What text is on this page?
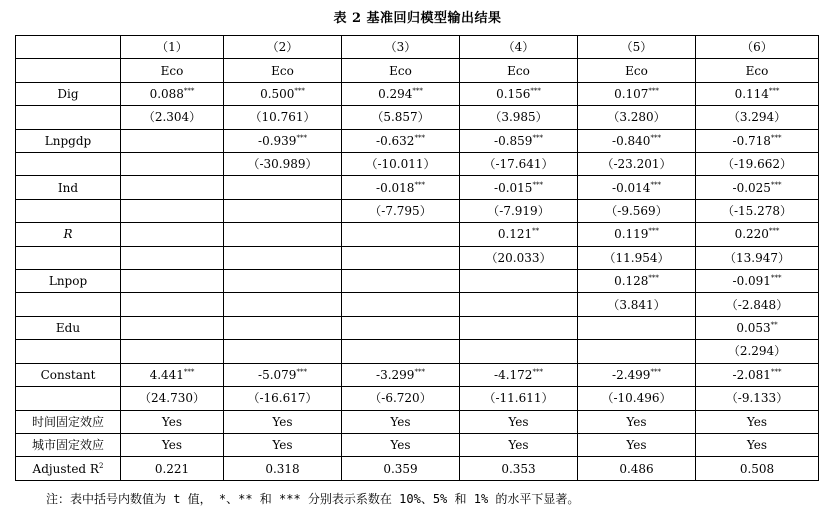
表 2 基准回归模型输出结果
	（1）	（2）	（3）	（4）	（5）	（6）
	Eco	Eco	Eco	Eco	Eco	Eco
Dig	0.088***	0.500***	0.294***	0.156***	0.107***	0.114***
	（2.304）	（10.761）	（5.857）	（3.985）	（3.280）	（3.294）
Lnpgdp		-0.939***	-0.632***	-0.859***	-0.840***	-0.718***
		（-30.989）	（-10.011）	（-17.641）	（-23.201）	（-19.662）
Ind			-0.018***	-0.015***	-0.014***	-0.025***
			（-7.795）	（-7.919）	（-9.569）	（-15.278）
R				0.121**	0.119***	0.220***
				（20.033）	（11.954）	（13.947）
Lnpop					0.128***	-0.091***
					（3.841）	（-2.848）
Edu						0.053**
						（2.294）
Constant	4.441***	-5.079***	-3.299***	-4.172***	-2.499***	-2.081***
	（24.730）	（-16.617）	（-6.720）	（-11.611）	（-10.496）	（-9.133）
时间固定效应	Yes	Yes	Yes	Yes	Yes	Yes
城市固定效应	Yes	Yes	Yes	Yes	Yes	Yes
Adjusted $R^2$	0.221	0.318	0.359	0.353	0.486	0.508
注：表中括号内数值为 t 值， *、** 和 *** 分别表示系数在 10%、5% 和 1% 的水平下显著。
